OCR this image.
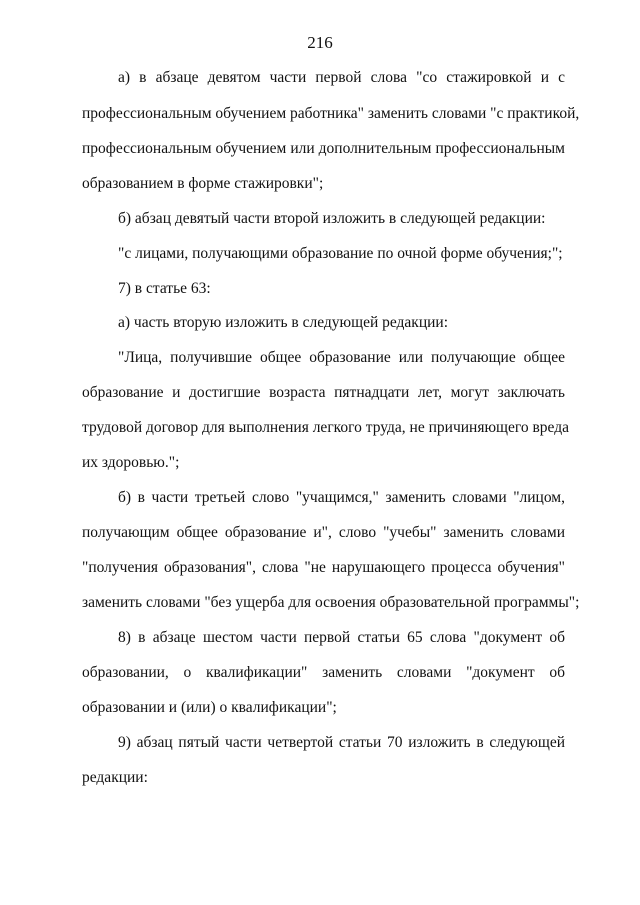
216
а) в абзаце девятом части первой слова "со стажировкой и с
профессиональным обучением работника" заменить словами "с практикой,
профессиональным обучением или дополнительным профессиональным
образованием в форме стажировки";
б) абзац девятый части второй изложить в следующей редакции:
"с лицами, получающими образование по очной форме обучения;";
7) в статье 63:
а) часть вторую изложить в следующей редакции:
"Лица, получившие общее образование или получающие общее
образование и достигшие возраста пятнадцати лет, могут заключать
трудовой договор для выполнения легкого труда, не причиняющего вреда
их здоровью.";
б) в части третьей слово "учащимся," заменить словами "лицом,
получающим общее образование и", слово "учебы" заменить словами
"получения образования", слова "не нарушающего процесса обучения"
заменить словами "без ущерба для освоения образовательной программы";
8) в абзаце шестом части первой статьи 65 слова "документ об
образовании, о квалификации" заменить словами "документ об
образовании и (или) о квалификации";
9) абзац пятый части четвертой статьи 70 изложить в следующей
редакции:
